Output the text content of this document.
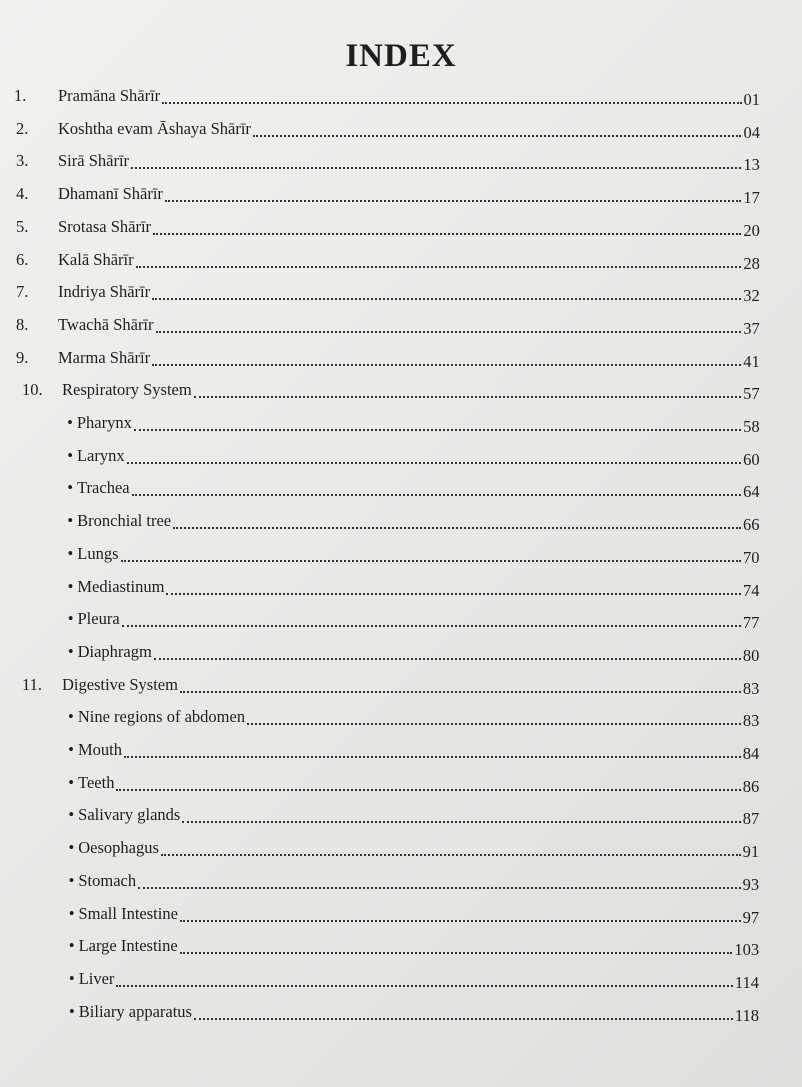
INDEX
1. Pramāna Shārīr	01
2. Koshtha evam Āshaya Shārīr	04
3. Sirā Shārīr	13
4. Dhamanī Shārīr	17
5. Srotasa Shārīr	20
6. Kalā Shārīr	28
7. Indriya Shārīr	32
8. Twachā Shārīr	37
9. Marma Shārīr	41
10. Respiratory System	57
• Pharynx	58
• Larynx	60
• Trachea	64
• Bronchial tree	66
• Lungs	70
• Mediastinum	74
• Pleura	77
• Diaphragm	80
11. Digestive System	83
• Nine regions of abdomen	83
• Mouth	84
• Teeth	86
• Salivary glands	87
• Oesophagus	91
• Stomach	93
• Small Intestine	97
• Large Intestine	103
• Liver	114
• Biliary apparatus	118
